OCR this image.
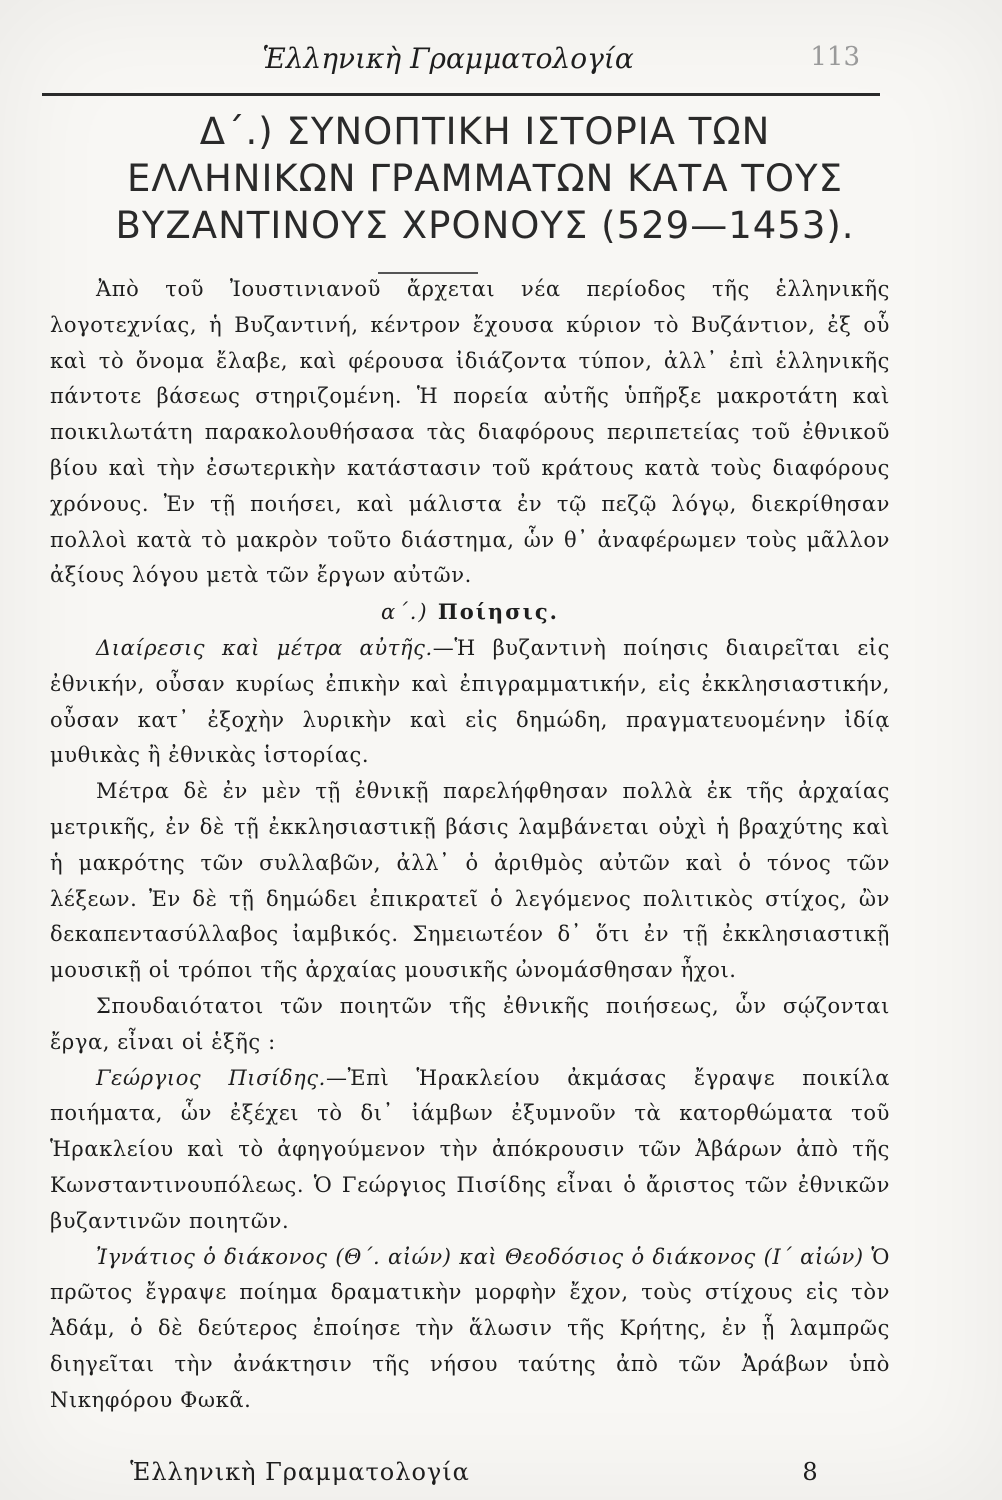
Ἑλληνικὴ Γραμματολογία	113
Δ΄.) ΣΥΝΟΠΤΙΚΗ ΙΣΤΟΡΙΑ ΤΩΝ ΕΛΛΗΝΙΚΩΝ ΓΡΑΜΜΑΤΩΝ ΚΑΤΑ ΤΟΥΣ ΒΥΖΑΝΤΙΝΟΥΣ ΧΡΟΝΟΥΣ (529—1453).

Ἀπὸ τοῦ Ἰουστινιανοῦ ἄρχεται νέα περίοδος τῆς ἑλληνικῆς λογοτεχνίας, ἡ Βυζαντινή, κέντρον ἔχουσα κύριον τὸ Βυζάντιον, ἐξ οὗ καὶ τὸ ὄνομα ἔλαβε, καὶ φέρουσα ἰδιάζοντα τύπον, ἀλλ᾽ ἐπὶ ἑλληνικῆς πάντοτε βάσεως στηριζομένη. Ἡ πορεία αὐτῆς ὑπῆρξε μακροτάτη καὶ ποικιλωτάτη παρακολουθήσασα τὰς διαφόρους περιπετείας τοῦ ἐθνικοῦ βίου καὶ τὴν ἐσωτερικὴν κατάστασιν τοῦ κράτους κατὰ τοὺς διαφόρους χρόνους. Ἐν τῇ ποιήσει, καὶ μάλιστα ἐν τῷ πεζῷ λόγῳ, διεκρίθησαν πολλοὶ κατὰ τὸ μακρὸν τοῦτο διάστημα, ὧν θ᾽ ἀναφέρωμεν τοὺς μᾶλλον ἀξίους λόγου μετὰ τῶν ἔργων αὐτῶν.

α΄.) Ποίησις.

Διαίρεσις καὶ μέτρα αὐτῆς.—Ἡ βυζαντινὴ ποίησις διαιρεῖται εἰς ἐθνικήν, οὖσαν κυρίως ἐπικὴν καὶ ἐπιγραμματικήν, εἰς ἐκκλησιαστικήν, οὖσαν κατ᾽ ἐξοχὴν λυρικὴν καὶ εἰς δημώδη, πραγματευομένην ἰδίᾳ μυθικὰς ἢ ἐθνικὰς ἱστορίας.

Μέτρα δὲ ἐν μὲν τῇ ἐθνικῇ παρελήφθησαν πολλὰ ἐκ τῆς ἀρχαίας μετρικῆς, ἐν δὲ τῇ ἐκκλησιαστικῇ βάσις λαμβάνεται οὐχὶ ἡ βραχύτης καὶ ἡ μακρότης τῶν συλλαβῶν, ἀλλ᾽ ὁ ἀριθμὸς αὐτῶν καὶ ὁ τόνος τῶν λέξεων. Ἐν δὲ τῇ δημώδει ἐπικρατεῖ ὁ λεγόμενος πολιτικὸς στίχος, ὢν δεκαπεντασύλλαβος ἰαμβικός. Σημειωτέον δ᾽ ὅτι ἐν τῇ ἐκκλησιαστικῇ μουσικῇ οἱ τρόποι τῆς ἀρχαίας μουσικῆς ὠνομάσθησαν ἦχοι.

Σπουδαιότατοι τῶν ποιητῶν τῆς ἐθνικῆς ποιήσεως, ὧν σῴζονται ἔργα, εἶναι οἱ ἑξῆς :

Γεώργιος Πισίδης.—Ἐπὶ Ἡρακλείου ἀκμάσας ἔγραψε ποικίλα ποιήματα, ὧν ἐξέχει τὸ δι᾽ ἰάμβων ἐξυμνοῦν τὰ κατορθώματα τοῦ Ἡρακλείου καὶ τὸ ἀφηγούμενον τὴν ἀπόκρουσιν τῶν Ἀβάρων ἀπὸ τῆς Κωνσταντινουπόλεως. Ὁ Γεώργιος Πισίδης εἶναι ὁ ἄριστος τῶν ἐθνικῶν βυζαντινῶν ποιητῶν.

Ἰγνάτιος ὁ διάκονος (Θ΄. αἰών) καὶ Θεοδόσιος ὁ διάκονος (Ι΄ αἰών) Ὁ πρῶτος ἔγραψε ποίημα δραματικὴν μορφὴν ἔχον, τοὺς στίχους εἰς τὸν Ἀδάμ, ὁ δὲ δεύτερος ἐποίησε τὴν ἅλωσιν τῆς Κρήτης, ἐν ᾗ λαμπρῶς διηγεῖται τὴν ἀνάκτησιν τῆς νήσου ταύτης ἀπὸ τῶν Ἀράβων ὑπὸ Νικηφόρου Φωκᾶ.

Ἑλληνικὴ Γραμματολογία	8
